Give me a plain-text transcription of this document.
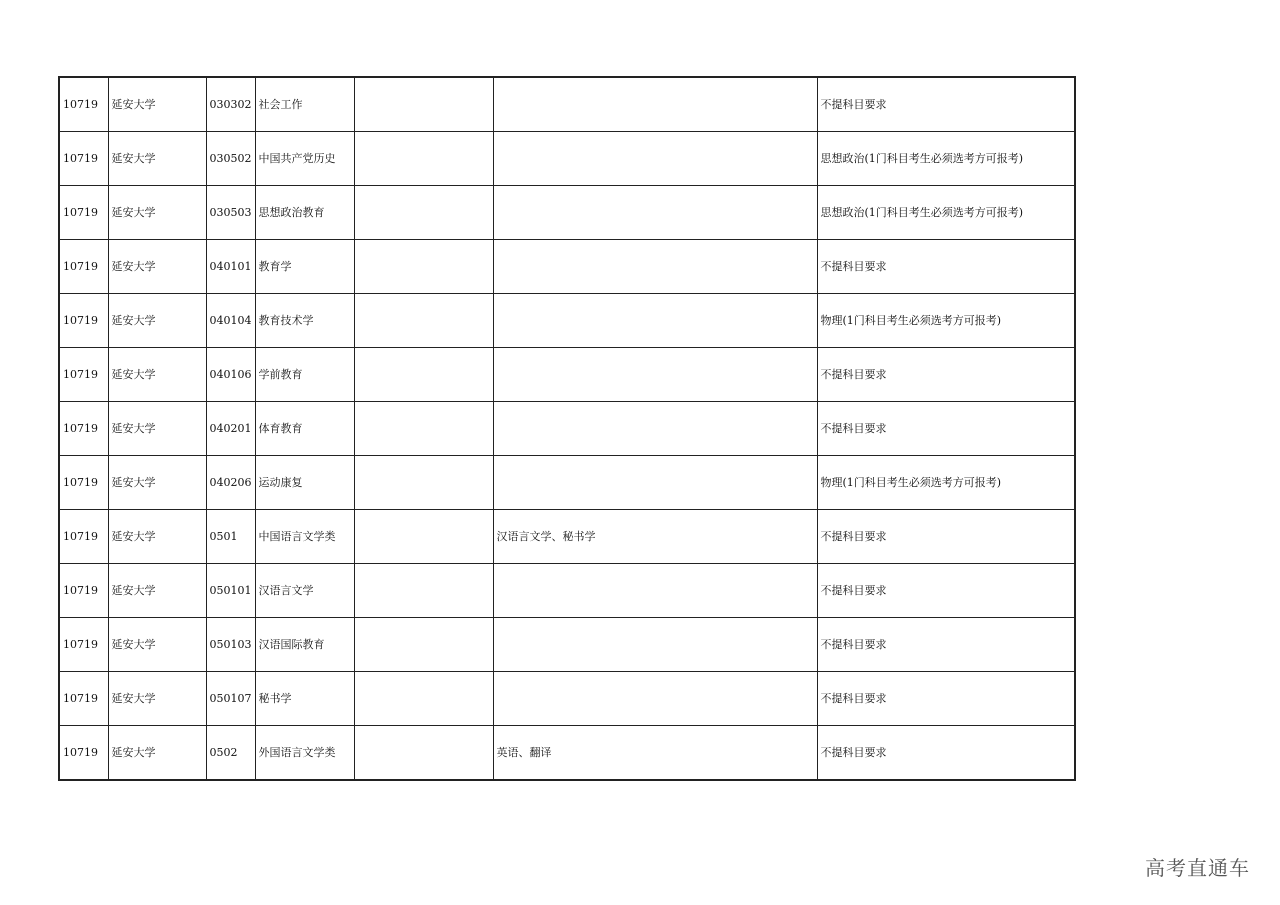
10719	延安大学	030302	社会工作			不提科目要求
10719	延安大学	030502	中国共产党历史			思想政治(1门科目考生必须选考方可报考)
10719	延安大学	030503	思想政治教育			思想政治(1门科目考生必须选考方可报考)
10719	延安大学	040101	教育学			不提科目要求
10719	延安大学	040104	教育技术学			物理(1门科目考生必须选考方可报考)
10719	延安大学	040106	学前教育			不提科目要求
10719	延安大学	040201	体育教育			不提科目要求
10719	延安大学	040206	运动康复			物理(1门科目考生必须选考方可报考)
10719	延安大学	0501	中国语言文学类		汉语言文学、秘书学	不提科目要求
10719	延安大学	050101	汉语言文学			不提科目要求
10719	延安大学	050103	汉语国际教育			不提科目要求
10719	延安大学	050107	秘书学			不提科目要求
10719	延安大学	0502	外国语言文学类		英语、翻译	不提科目要求
高考直通车
